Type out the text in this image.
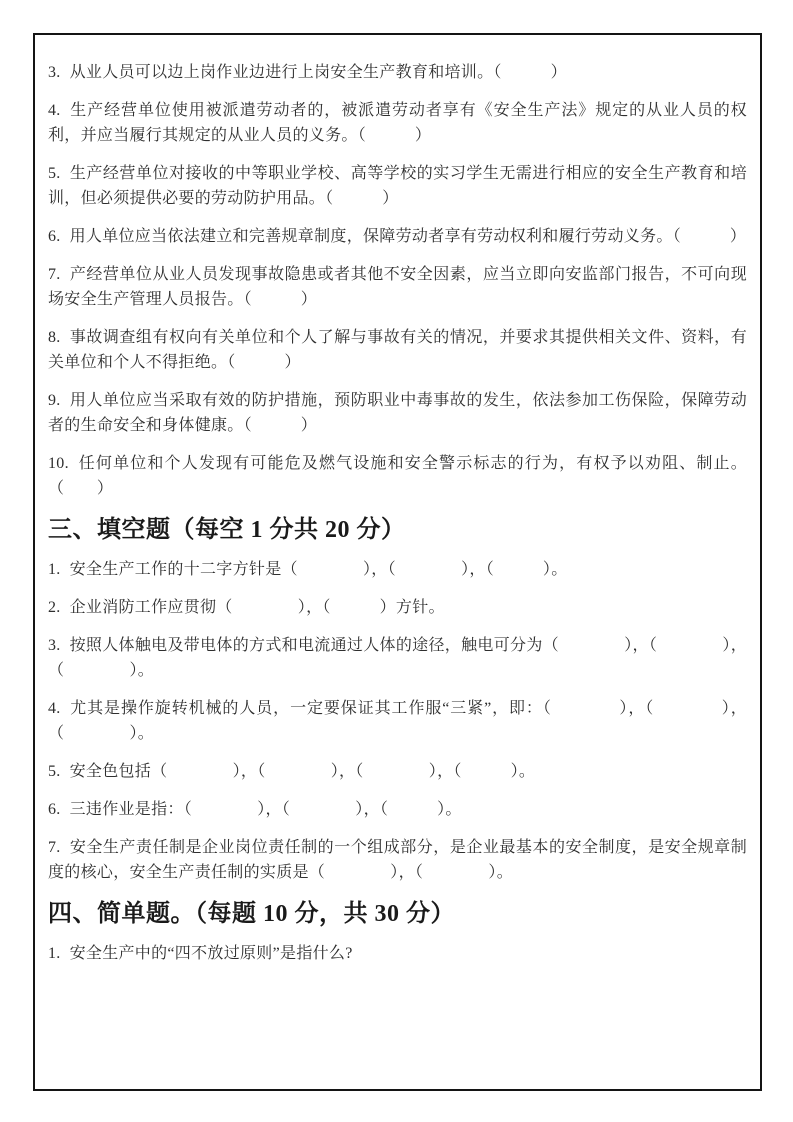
3. 从业人员可以边上岗作业边进行上岗安全生产教育和培训。（　　　）

4. 生产经营单位使用被派遣劳动者的，被派遣劳动者享有《安全生产法》规定的从业人员的权利，并应当履行其规定的从业人员的义务。（　　　）

5. 生产经营单位对接收的中等职业学校、高等学校的实习学生无需进行相应的安全生产教育和培训，但必须提供必要的劳动防护用品。（　　　）

6. 用人单位应当依法建立和完善规章制度，保障劳动者享有劳动权利和履行劳动义务。（　　　）

7. 产经营单位从业人员发现事故隐患或者其他不安全因素，应当立即向安监部门报告，不可向现场安全生产管理人员报告。（　　　）

8. 事故调查组有权向有关单位和个人了解与事故有关的情况，并要求其提供相关文件、资料，有关单位和个人不得拒绝。（　　　）

9. 用人单位应当采取有效的防护措施，预防职业中毒事故的发生，依法参加工伤保险，保障劳动者的生命安全和身体健康。（　　　）

10. 任何单位和个人发现有可能危及燃气设施和安全警示标志的行为，有权予以劝阻、制止。（　　）

三、填空题（每空 1 分共 20 分）

1. 安全生产工作的十二字方针是（　　　　），（　　　　），（　　　）。

2. 企业消防工作应贯彻（　　　　），（　　　）方针。

3. 按照人体触电及带电体的方式和电流通过人体的途径，触电可分为（　　　　），（　　　　），（　　　　）。

4. 尤其是操作旋转机械的人员，一定要保证其工作服“三紧”，即：（　　　　），（　　　　），（　　　　）。

5. 安全色包括（　　　　），（　　　　），（　　　　），（　　　）。

6. 三违作业是指：（　　　　），（　　　　），（　　　）。

7. 安全生产责任制是企业岗位责任制的一个组成部分，是企业最基本的安全制度，是安全规章制度的核心，安全生产责任制的实质是（　　　　），（　　　　）。

四、简单题。（每题 10 分，共 30 分）

1. 安全生产中的“四不放过原则”是指什么?
